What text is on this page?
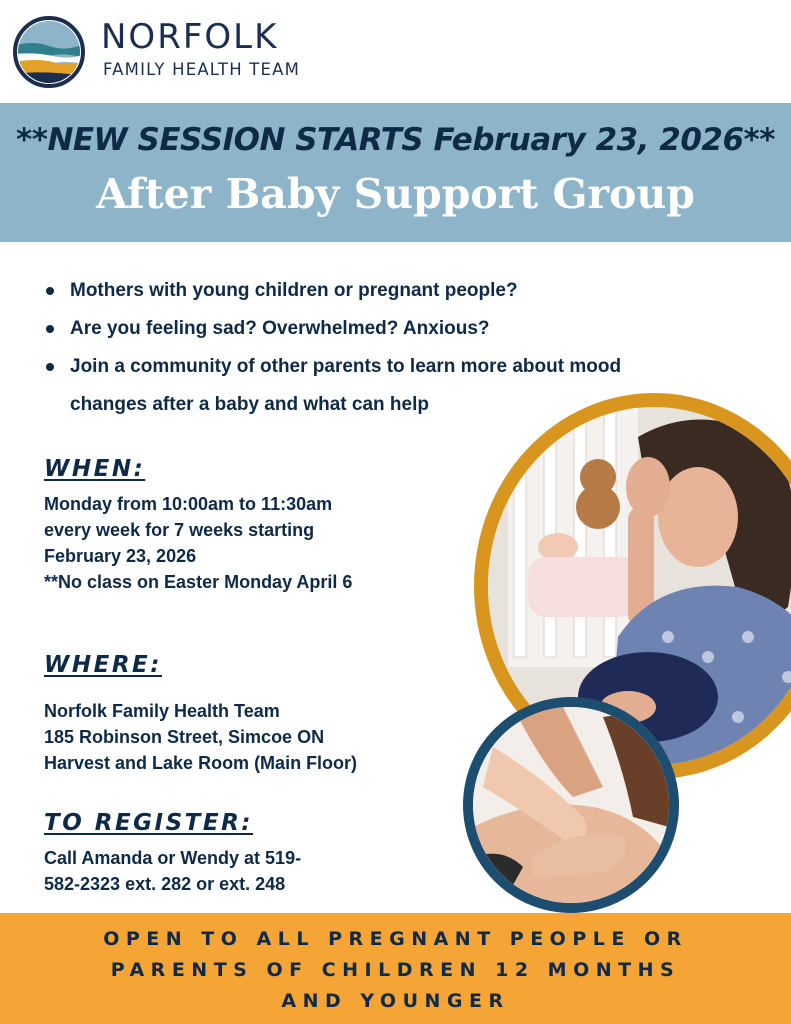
NORFOLK
FAMILY HEALTH TEAM
**NEW SESSION STARTS February 23, 2026**
After Baby Support Group
Mothers with young children or pregnant people?
Are you feeling sad? Overwhelmed? Anxious?
Join a community of other parents to learn more about mood changes after a baby and what can help
WHEN:
Monday from 10:00am to 11:30am
every week for 7 weeks starting
February 23, 2026
**No class on Easter Monday April 6
WHERE:
Norfolk Family Health Team
185 Robinson Street, Simcoe ON
Harvest and Lake Room (Main Floor)
TO REGISTER:
Call Amanda or Wendy at 519-
582-2323 ext. 282 or ext. 248
OPEN TO ALL PREGNANT PEOPLE OR
PARENTS OF CHILDREN 12 MONTHS
AND YOUNGER
